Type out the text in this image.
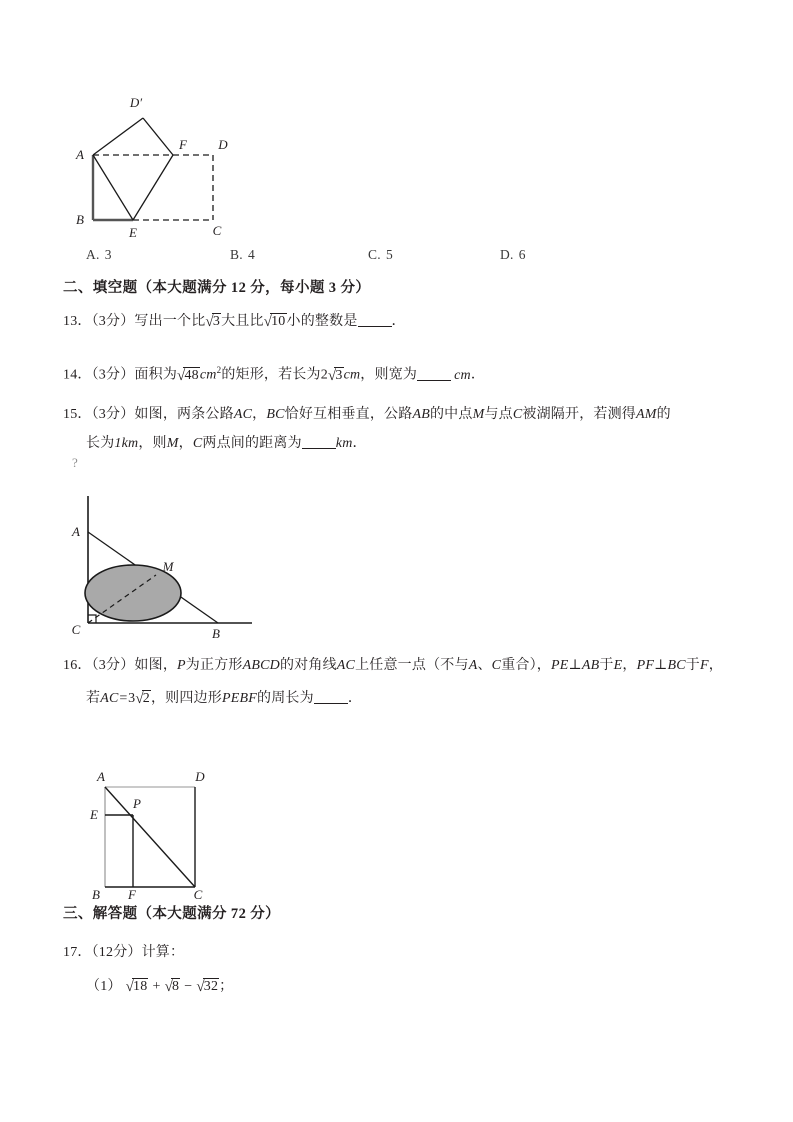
D′
A
F D
B
E	C
A. 3	B. 4	C. 5	D. 6
二、填空题（本大题满分 12 分，每小题 3 分）
13．（3分）写出一个比√3大且比√10小的整数是 ．
14．（3分）面积为$√48cm^2$的矩形，若长为2√3cm，则宽为	cm．
15．（3分）如图，两条公路AC，BC恰好互相垂直，公路AB的中点M与点C被湖隔开，若测得AM的
长为1km，则M，C两点间的距离为 km．
?
A
M
C	B
16．（3分）如图，P为正方形ABCD的对角线AC上任意一点（不与A、C重合），PE⊥AB于E，PF⊥BC于F，
若AC=3√2，则四边形PEBF的周长为 ．
A	D
E
P
B F	C
三、解答题（本大题满分 72 分）
17．（12分）计算：
（1） √18 + √8 − √32；
